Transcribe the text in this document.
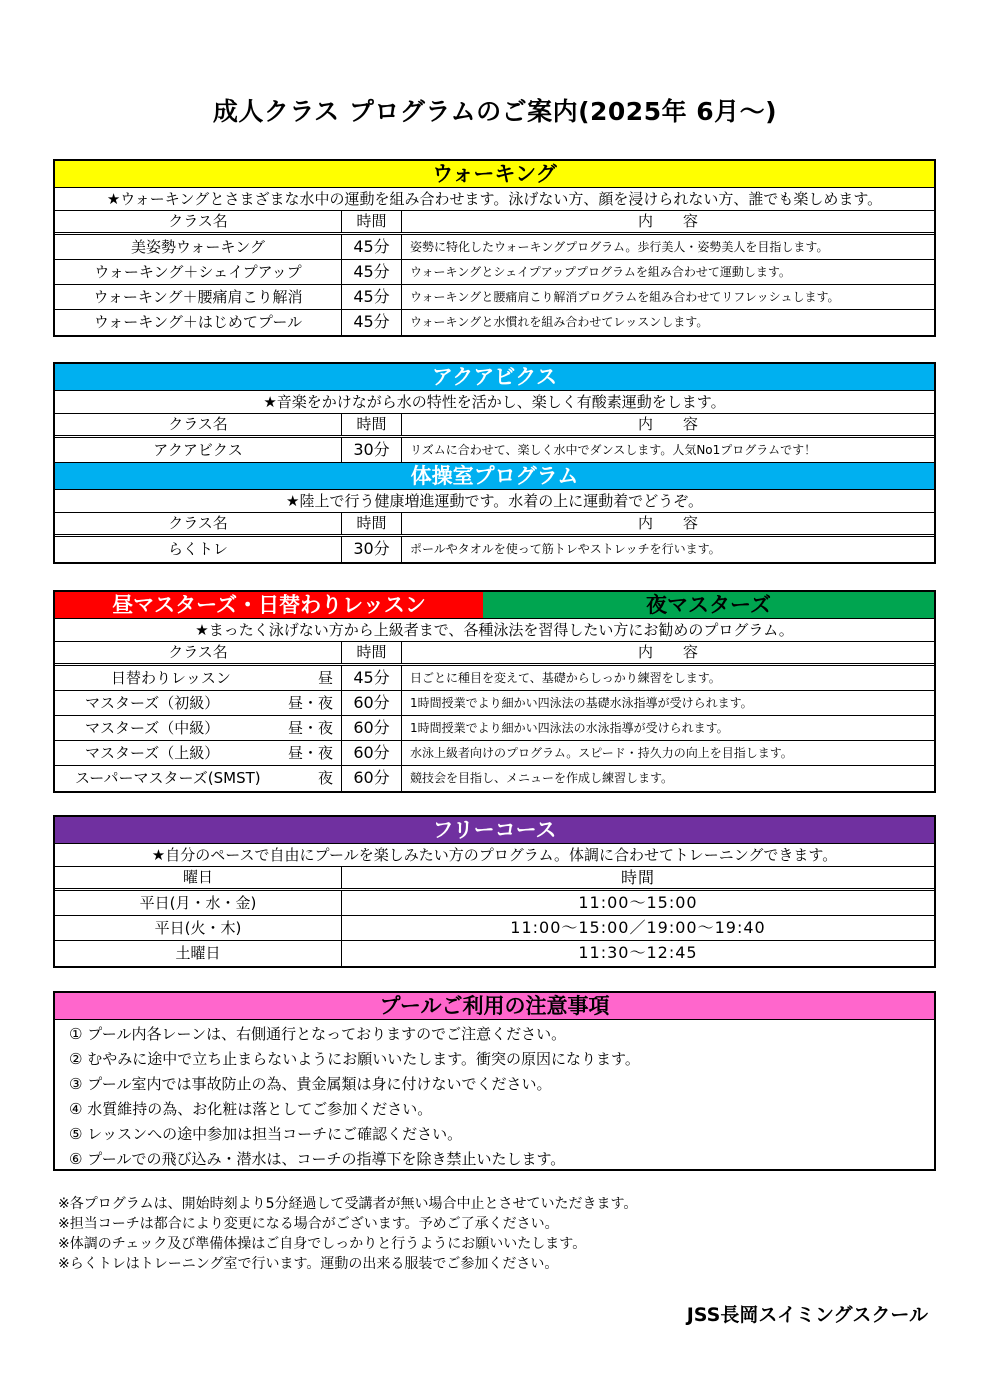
成人クラス プログラムのご案内(2025年 6月～)
ウォーキング
★ウォーキングとさまざまな水中の運動を組み合わせます。泳げない方、顔を浸けられない方、誰でも楽しめます。
クラス名	時間	内容
美姿勢ウォーキング	45分	姿勢に特化したウォーキングプログラム。歩行美人・姿勢美人を目指します。
ウォーキング＋シェイプアップ	45分	ウォーキングとシェイプアッププログラムを組み合わせて運動します。
ウォーキング＋腰痛肩こり解消	45分	ウォーキングと腰痛肩こり解消プログラムを組み合わせてリフレッシュします。
ウォーキング＋はじめてプール	45分	ウォーキングと水慣れを組み合わせてレッスンします。
アクアビクス
★音楽をかけながら水の特性を活かし、楽しく有酸素運動をします。
クラス名	時間	内容
アクアビクス	30分	リズムに合わせて、楽しく水中でダンスします。人気No1プログラムです！
体操室プログラム
★陸上で行う健康増進運動です。水着の上に運動着でどうぞ。
クラス名	時間	内容
らくトレ	30分	ポールやタオルを使って筋トレやストレッチを行います。
昼マスターズ・日替わりレッスン	夜マスターズ
★まったく泳げない方から上級者まで、各種泳法を習得したい方にお勧めのプログラム。
クラス名	時間	内容
日替わりレッスン	昼	45分	日ごとに種目を変えて、基礎からしっかり練習をします。
マスターズ（初級）	昼・夜	60分	1時間授業でより細かい四泳法の基礎水泳指導が受けられます。
マスターズ（中級）	昼・夜	60分	1時間授業でより細かい四泳法の水泳指導が受けられます。
マスターズ（上級）	昼・夜	60分	水泳上級者向けのプログラム。スピード・持久力の向上を目指します。
スーパーマスターズ(SMST)	夜	60分	競技会を目指し、メニューを作成し練習します。
フリーコース
★自分のペースで自由にプールを楽しみたい方のプログラム。体調に合わせてトレーニングできます。
曜日	時間
平日(月・水・金)	11:00～15:00
平日(火・木)	11:00～15:00／19:00～19:40
土曜日	11:30～12:45
プールご利用の注意事項
① プール内各レーンは、右側通行となっておりますのでご注意ください。
② むやみに途中で立ち止まらないようにお願いいたします。衝突の原因になります。
③ プール室内では事故防止の為、貴金属類は身に付けないでください。
④ 水質維持の為、お化粧は落としてご参加ください。
⑤ レッスンへの途中参加は担当コーチにご確認ください。
⑥ プールでの飛び込み・潜水は、コーチの指導下を除き禁止いたします。
※各プログラムは、開始時刻より5分経過して受講者が無い場合中止とさせていただきます。
※担当コーチは都合により変更になる場合がございます。予めご了承ください。
※体調のチェック及び準備体操はご自身でしっかりと行うようにお願いいたします。
※らくトレはトレーニング室で行います。運動の出来る服装でご参加ください。
JSS長岡スイミングスクール
